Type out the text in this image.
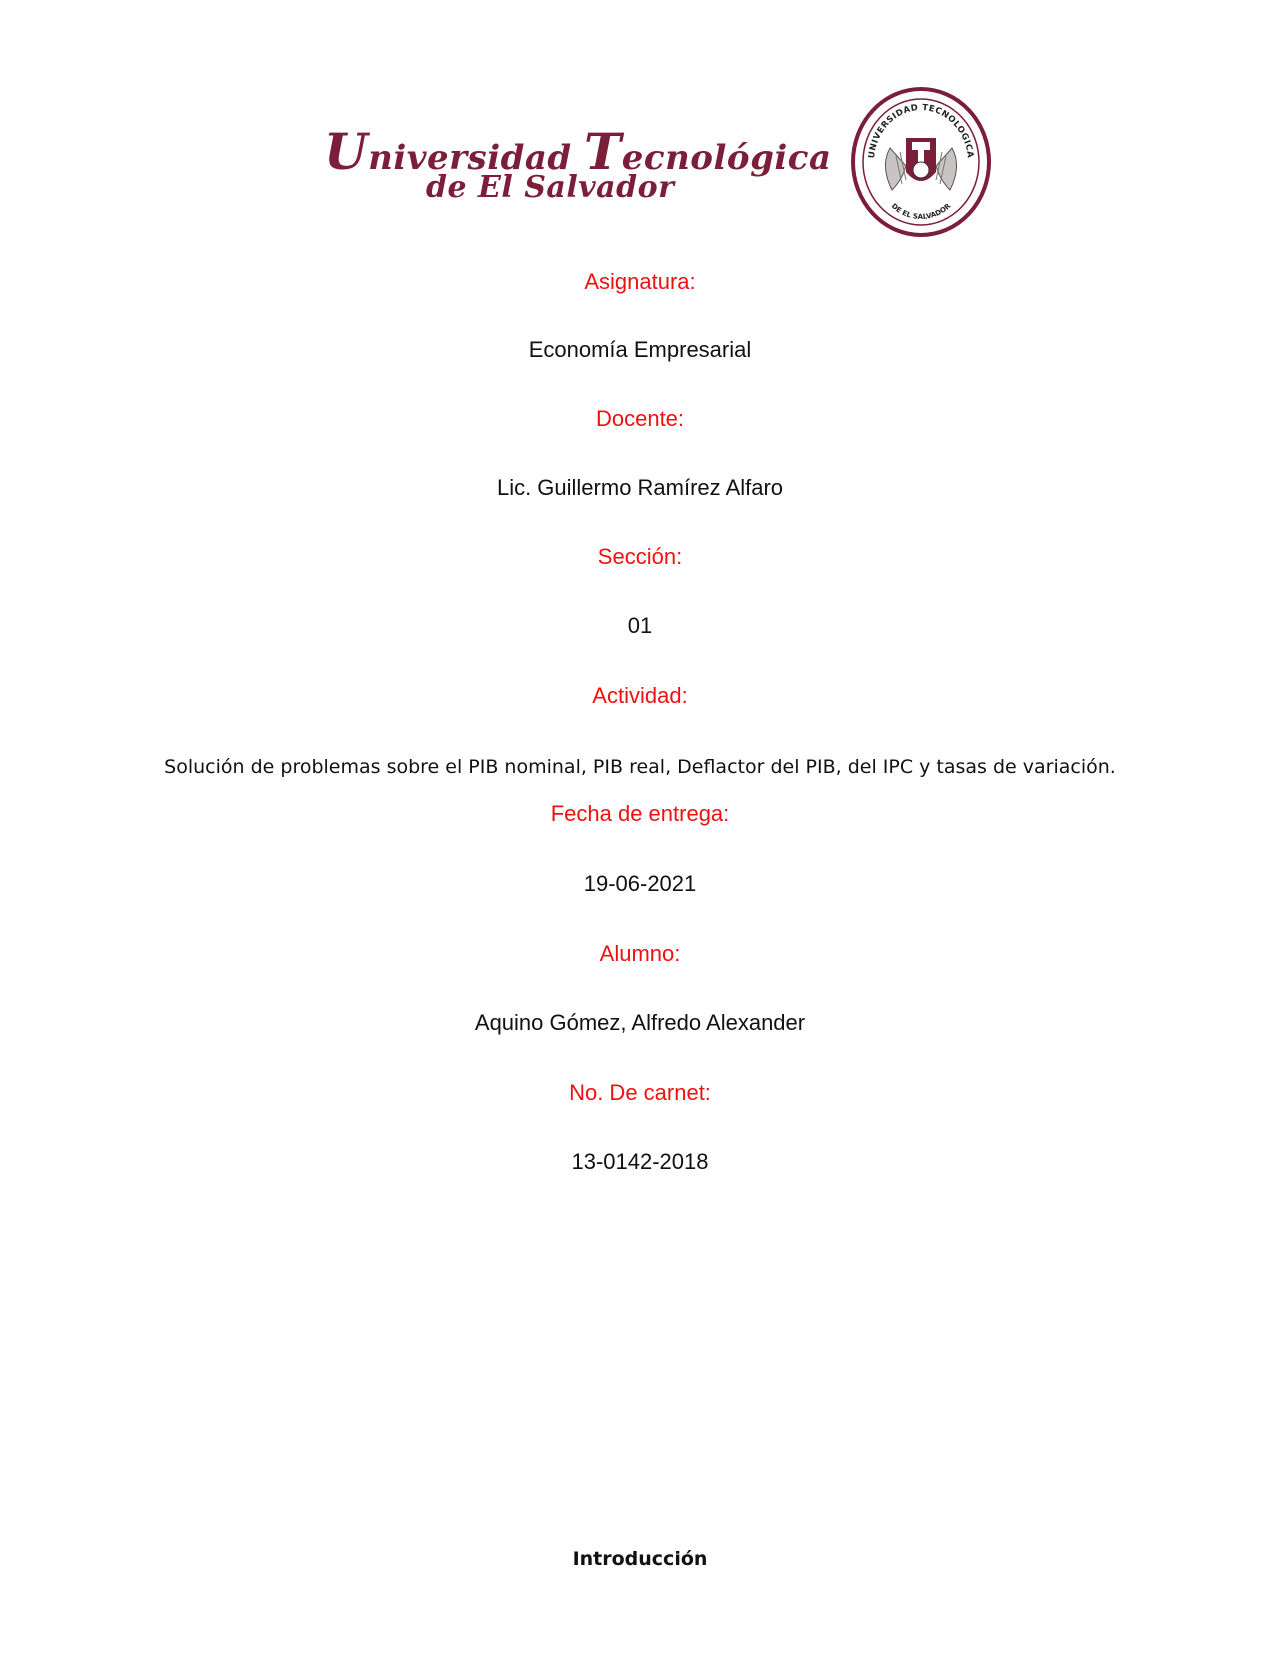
Universidad Tecnológica
de El Salvador
UNIVERSIDAD TECNOLOGICA
DE EL SALVADOR
Asignatura:
Economía Empresarial
Docente:
Lic. Guillermo Ramírez Alfaro
Sección:
01
Actividad:
Solución de problemas sobre el PIB nominal, PIB real, Deflactor del PIB, del IPC y tasas de variación.
Fecha de entrega:
19-06-2021
Alumno:
Aquino Gómez, Alfredo Alexander
No. De carnet:
13-0142-2018
Introducción
